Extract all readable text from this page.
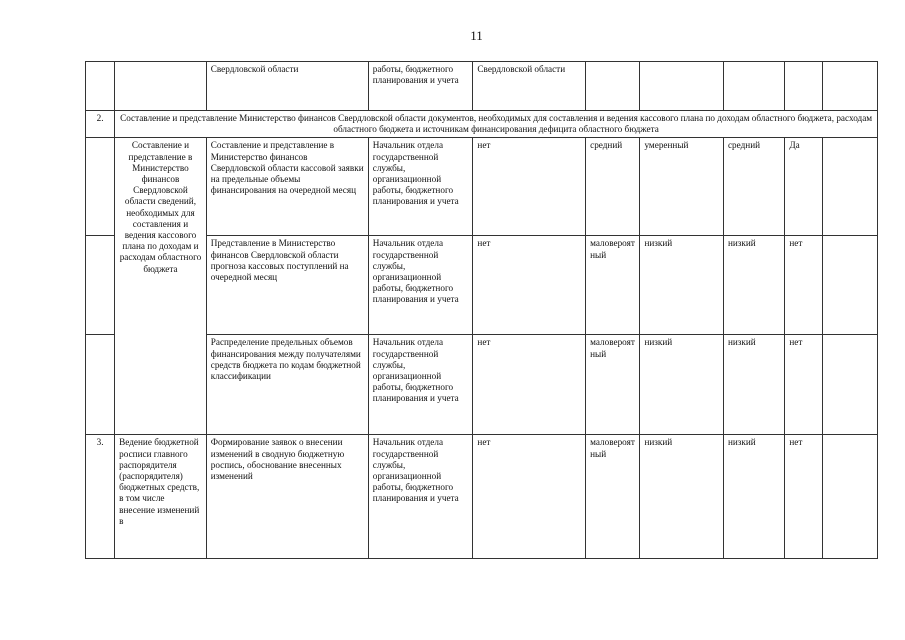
11
		Свердловской области	работы, бюджетного планирования и учета	Свердловской области					
2.	Составление и представление Министерство финансов Свердловской области документов, необходимых для составления и ведения кассового плана по доходам областного бюджета, расходам областного бюджета и источникам финансирования дефицита областного бюджета								
	Составление и представление в Министерство финансов Свердловской области сведений, необходимых для составления и ведения кассового плана по доходам и расходам областного бюджета	Составление и представление в Министерство финансов Свердловской области кассовой заявки на предельные объемы финансирования на очередной месяц	Начальник отдела государственной службы, организационной работы, бюджетного планирования и учета	нет	средний	умеренный	средний	Да	
		Представление в Министерство финансов Свердловской области прогноза кассовых поступлений на очередной месяц	Начальник отдела государственной службы, организационной работы, бюджетного планирования и учета	нет	маловероятный	низкий	низкий	нет	
		Распределение предельных объемов финансирования между получателями средств бюджета по кодам бюджетной классификации	Начальник отдела государственной службы, организационной работы, бюджетного планирования и учета	нет	маловероятный	низкий	низкий	нет	
3.	Ведение бюджетной росписи главного распорядителя (распорядителя) бюджетных средств, в том числе внесение изменений в	Формирование заявок о внесении изменений в сводную бюджетную роспись, обоснование внесенных изменений	Начальник отдела государственной службы, организационной работы, бюджетного планирования и учета	нет	маловероятный	низкий	низкий	нет	
